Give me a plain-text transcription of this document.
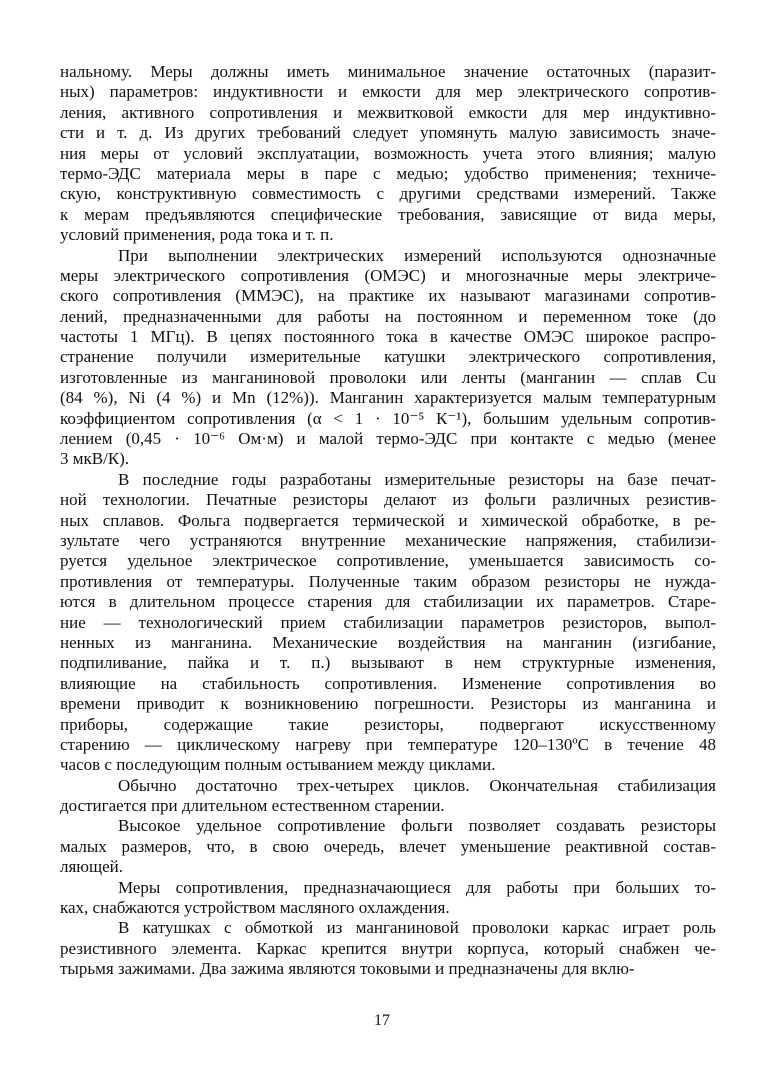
нальному. Меры должны иметь минимальное значение остаточных (паразит-
ных) параметров: индуктивности и емкости для мер электрического сопротив-
ления, активного сопротивления и межвитковой емкости для мер индуктивно-
сти и т. д. Из других требований следует упомянуть малую зависимость значе-
ния меры от условий эксплуатации, возможность учета этого влияния; малую
термо-ЭДС материала меры в паре с медью; удобство применения; техниче-
скую, конструктивную совместимость с другими средствами измерений. Также
к мерам предъявляются специфические требования, зависящие от вида меры,
условий применения, рода тока и т. п.
При выполнении электрических измерений используются однозначные
меры электрического сопротивления (ОМЭС) и многозначные меры электриче-
ского сопротивления (ММЭС), на практике их называют магазинами сопротив-
лений, предназначенными для работы на постоянном и переменном токе (до
частоты 1 МГц). В цепях постоянного тока в качестве ОМЭС широкое распро-
странение получили измерительные катушки электрического сопротивления,
изготовленные из манганиновой проволоки или ленты (манганин — сплав Cu
(84 %), Ni (4 %) и Mn (12%)). Манганин характеризуется малым температурным
коэффициентом сопротивления (α < 1 · 10⁻⁵ К⁻¹), большим удельным сопротив-
лением (0,45 · 10⁻⁶ Ом·м) и малой термо-ЭДС при контакте с медью (менее
3 мкВ/К).
В последние годы разработаны измерительные резисторы на базе печат-
ной технологии. Печатные резисторы делают из фольги различных резистив-
ных сплавов. Фольга подвергается термической и химической обработке, в ре-
зультате чего устраняются внутренние механические напряжения, стабилизи-
руется удельное электрическое сопротивление, уменьшается зависимость со-
противления от температуры. Полученные таким образом резисторы не нужда-
ются в длительном процессе старения для стабилизации их параметров. Старе-
ние — технологический прием стабилизации параметров резисторов, выпол-
ненных из манганина. Механические воздействия на манганин (изгибание,
подпиливание, пайка и т. п.) вызывают в нем структурные изменения,
влияющие на стабильность сопротивления. Изменение сопротивления во
времени приводит к возникновению погрешности. Резисторы из манганина и
приборы, содержащие такие резисторы, подвергают искусственному
старению — циклическому нагреву при температуре 120–130ºС в течение 48
часов с последующим полным остыванием между циклами.
Обычно достаточно трех-четырех циклов. Окончательная стабилизация
достигается при длительном естественном старении.
Высокое удельное сопротивление фольги позволяет создавать резисторы
малых размеров, что, в свою очередь, влечет уменьшение реактивной состав-
ляющей.
Меры сопротивления, предназначающиеся для работы при больших то-
ках, снабжаются устройством масляного охлаждения.
В катушках с обмоткой из манганиновой проволоки каркас играет роль
резистивного элемента. Каркас крепится внутри корпуса, который снабжен че-
тырьмя зажимами. Два зажима являются токовыми и предназначены для вклю-
17
